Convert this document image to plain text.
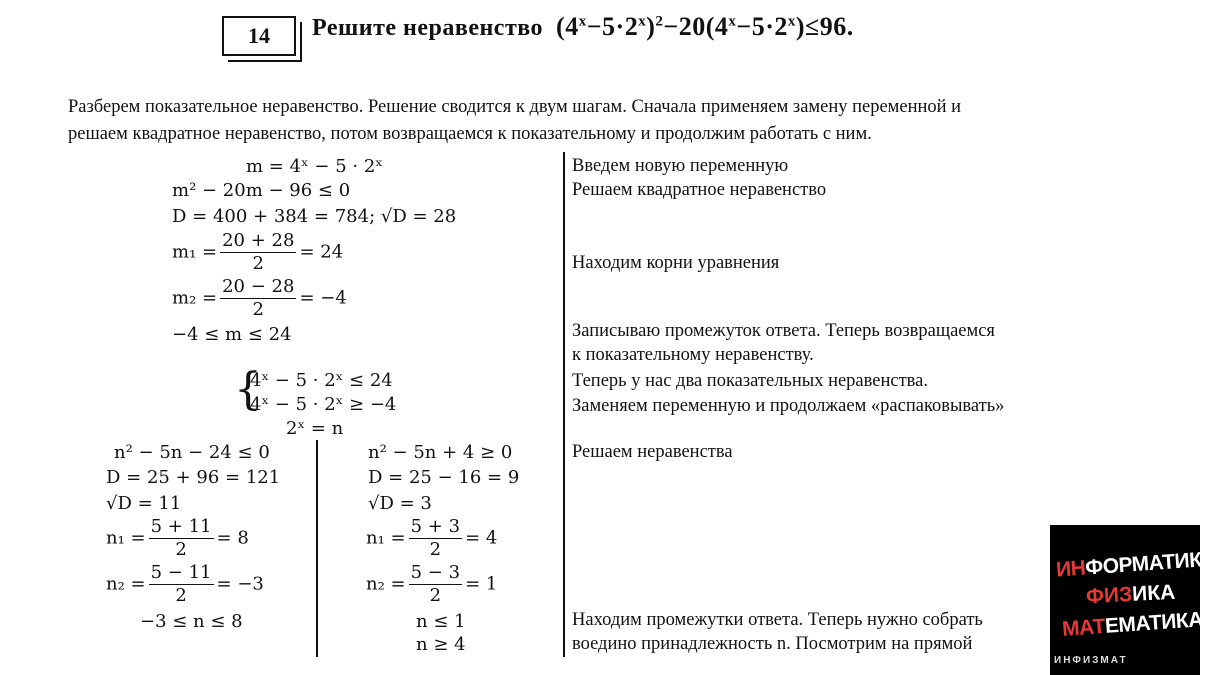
14	Решите неравенство $(4^x-5\cdot 2^x)^2-20(4^x-5\cdot 2^x)\le 96$.
Разберем показательное неравенство. Решение сводится к двум шагам. Сначала применяем замену переменной и
решаем квадратное неравенство, потом возвращаемся к показательному и продолжим работать с ним.
m = 4ˣ − 5 · 2ˣ
m² − 20m − 96 ≤ 0
D = 400 + 384 = 784; √D = 28
$m_1 = \frac{20 + 28}{2} = 24$
$m_2 = \frac{20 - 28}{2} = -4$
−4 ≤ m ≤ 24
{
4ˣ − 5 · 2ˣ ≤ 24
4ˣ − 5 · 2ˣ ≥ −4
2ˣ = n
n² − 5n − 24 ≤ 0
D = 25 + 96 = 121
√D = 11
$n_1 = \frac{5 + 11}{2} = 8$
$n_2 = \frac{5 - 11}{2} = -3$
−3 ≤ n ≤ 8
n² − 5n + 4 ≥ 0
D = 25 − 16 = 9
√D = 3
$n_1 = \frac{5 + 3}{2} = 4$
$n_2 = \frac{5 - 3}{2} = 1$
n ≤ 1
n ≥ 4
Введем новую переменную
Решаем квадратное неравенство
Находим корни уравнения
Записываю промежуток ответа. Теперь возвращаемся
к показательному неравенству.
Теперь у нас два показательных неравенства.
Заменяем переменную и продолжаем «распаковывать»
Решаем неравенства
Находим промежутки ответа. Теперь нужно собрать
воедино принадлежность n. Посмотрим на прямой
ИНФОРМАТИКА
ФИЗИКА
МАТЕМАТИКА
ИНФИЗМАТ
